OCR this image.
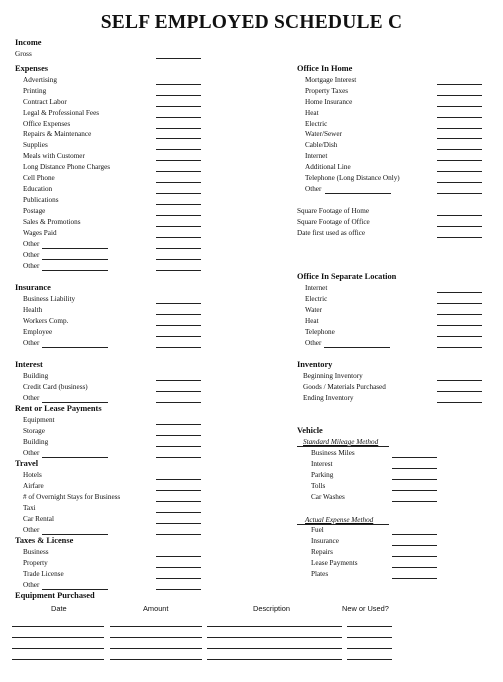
SELF EMPLOYED SCHEDULE C
Income
Gross
Expenses
Advertising
Printing
Contract Labor
Legal & Professional Fees
Office Expenses
Repairs & Maintenance
Supplies
Meals with Customer
Long Distance Phone Charges
Cell Phone
Education
Publications
Postage
Sales & Promotions
Wages Paid
Other
Other
Other
Insurance
Business Liability
Health
Workers Comp.
Employee
Other
Interest
Building
Credit Card (business)
Other
Rent or Lease Payments
Equipment
Storage
Building
Other
Travel
Hotels
Airfare
# of Overnight Stays for Business
Taxi
Car Rental
Other
Taxes & License
Business
Property
Trade License
Other
Equipment Purchased
Date	Amount	Description	New or Used?
Office In Home
Mortgage Interest
Property Taxes
Home Insurance
Heat
Electric
Water/Sewer
Cable/Dish
Internet
Additional Line
Telephone (Long Distance Only)
Other
Square Footage of Home
Square Footage of Office
Date first used as office
Office In Separate Location
Internet
Electric
Water
Heat
Telephone
Other
Inventory
Beginning Inventory
Goods / Materials Purchased
Ending Inventory
Vehicle
Standard Mileage Method
Business Miles
Interest
Parking
Tolls
Car Washes
Actual Expense Method
Fuel
Insurance
Repairs
Lease Payments
Plates
